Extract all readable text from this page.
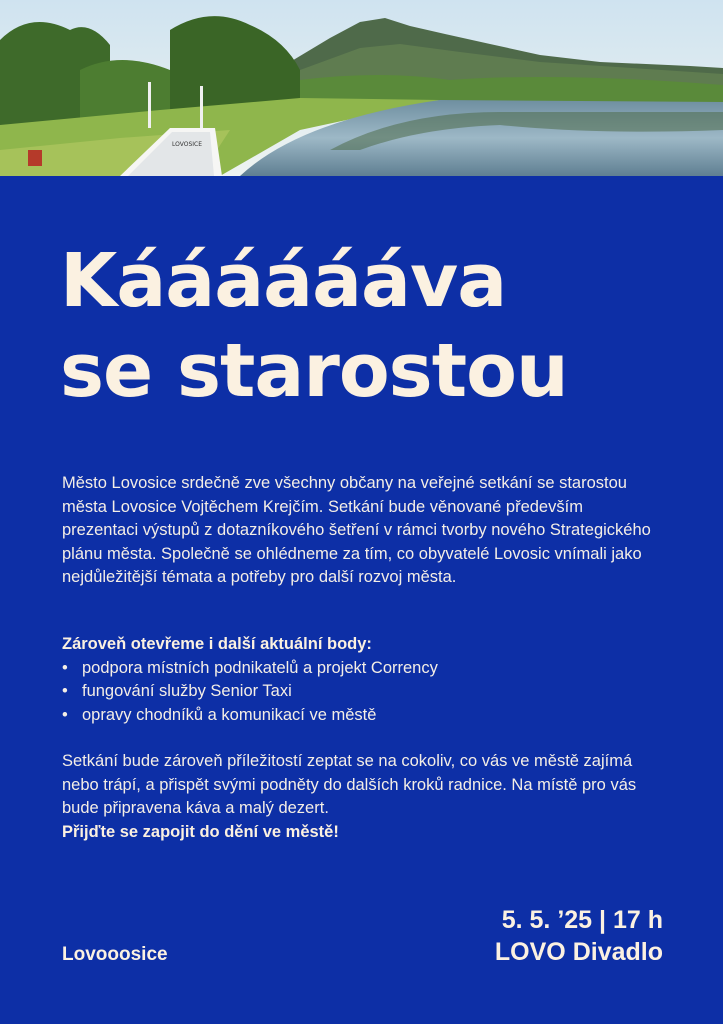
LOVOSICE
Kááááááva
se starostou

Město Lovosice srdečně zve všechny občany na veřejné setkání se starostou města Lovosice Vojtěchem Krejčím. Setkání bude věnované především prezentaci výstupů z dotazníkového šetření v rámci tvorby nového Strategického plánu města. Společně se ohlédneme za tím, co obyvatelé Lovosic vnímali jako nejdůležitější témata a potřeby pro další rozvoj města.

Zároveň otevřeme i další aktuální body:
• podpora místních podnikatelů a projekt Corrency
• fungování služby Senior Taxi
• opravy chodníků a komunikací ve městě
Setkání bude zároveň příležitostí zeptat se na cokoliv, co vás ve městě zajímá nebo trápí, a přispět svými podněty do dalších kroků radnice. Na místě pro vás bude připravena káva a malý dezert.
Přijďte se zapojit do dění ve městě!
Lovooosice
5. 5. ’25 | 17 h
LOVO Divadlo
